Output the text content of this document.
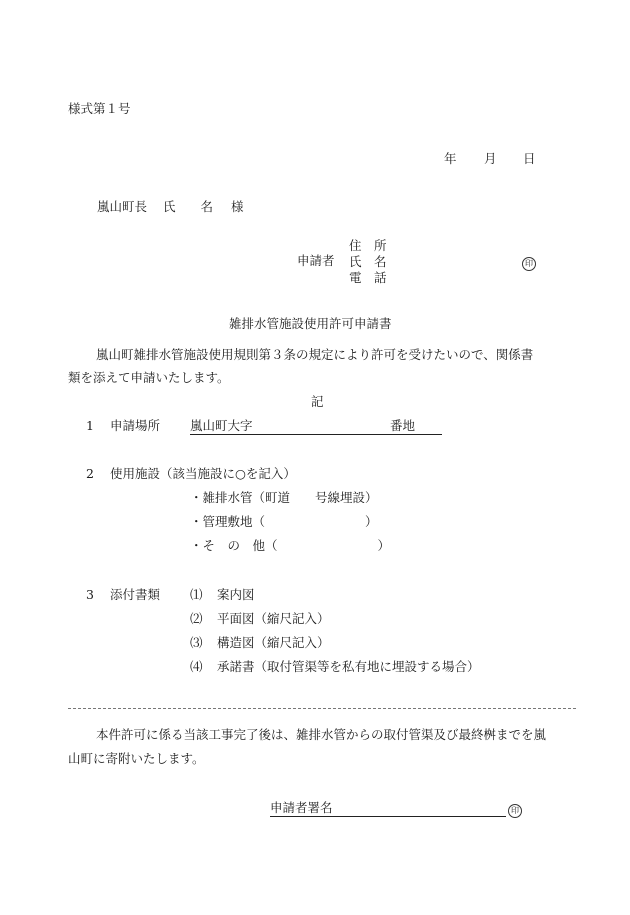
様式第１号
年 月 日
嵐山町長 氏　　名 様
申請者
住　所
氏　名
電　話
印
雑排水管施設使用許可申請書
嵐山町雑排水管施設使用規則第３条の規定により許可を受けたいので、関係書
類を添えて申請いたします。
記
1 申請場所 嵐山町大字	番地
2 使用施設（該当施設に○を記入）
・雑排水管（町道　　号線埋設）
・管理敷地（　　　　　　　　）
・そ　の　他（　　　　　　　　）
3 添付書類 ⑴ 案内図
⑵ 平面図（縮尺記入）
⑶ 構造図（縮尺記入）
⑷ 承諾書（取付管渠等を私有地に埋設する場合）
本件許可に係る当該工事完了後は、雑排水管からの取付管渠及び最終桝までを嵐
山町に寄附いたします。
申請者署名	印
